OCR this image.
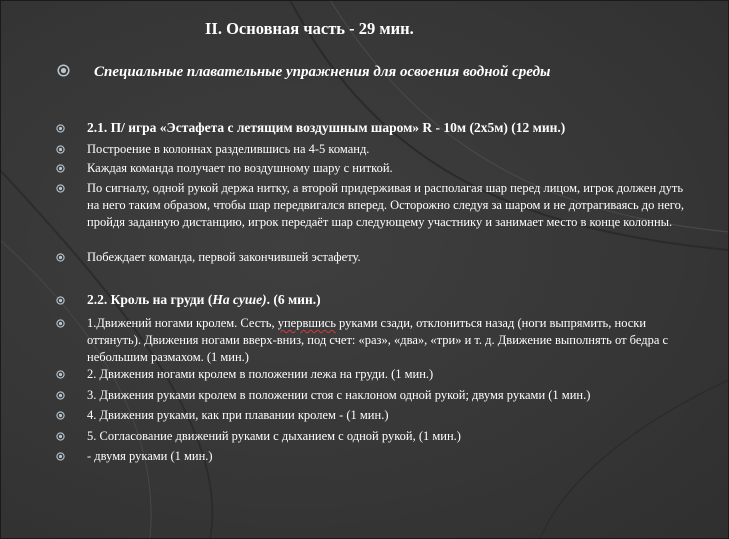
II. Основная часть - 29 мин.
Специальные плавательные упражнения для освоения водной среды
2.1. П/ игра «Эстафета с летящим воздушным шаром» R - 10м (2х5м) (12 мин.)
Построение в колоннах разделившись на 4-5 команд.
Каждая команда получает по воздушному шару с ниткой.
По сигналу, одной рукой держа нитку, а второй придерживая и располагая шар перед лицом, игрок должен дуть на него таким образом, чтобы шар передвигался вперед. Осторожно следуя за шаром и не дотрагиваясь до него, пройдя заданную дистанцию, игрок передаёт шар следующему участнику и занимает место в конце колонны.
Побеждает команда, первой закончившей эстафету.
2.2. Кроль на груди (На суше). (6 мин.)
1.Движений ногами кролем. Сесть, упервшись руками сзади, отклониться назад (ноги выпрямить, носки оттянуть). Движения ногами вверх-вниз, под счет: «раз», «два», «три» и т. д. Движение выполнять от бедра с небольшим размахом. (1 мин.)
2. Движения ногами кролем в положении лежа на груди. (1 мин.)
3. Движения руками кролем в положении стоя с наклоном одной рукой; двумя руками (1 мин.)
4. Движения руками, как при плавании кролем - (1 мин.)
5. Согласование движений руками с дыханием с одной рукой, (1 мин.)
- двумя руками (1 мин.)
